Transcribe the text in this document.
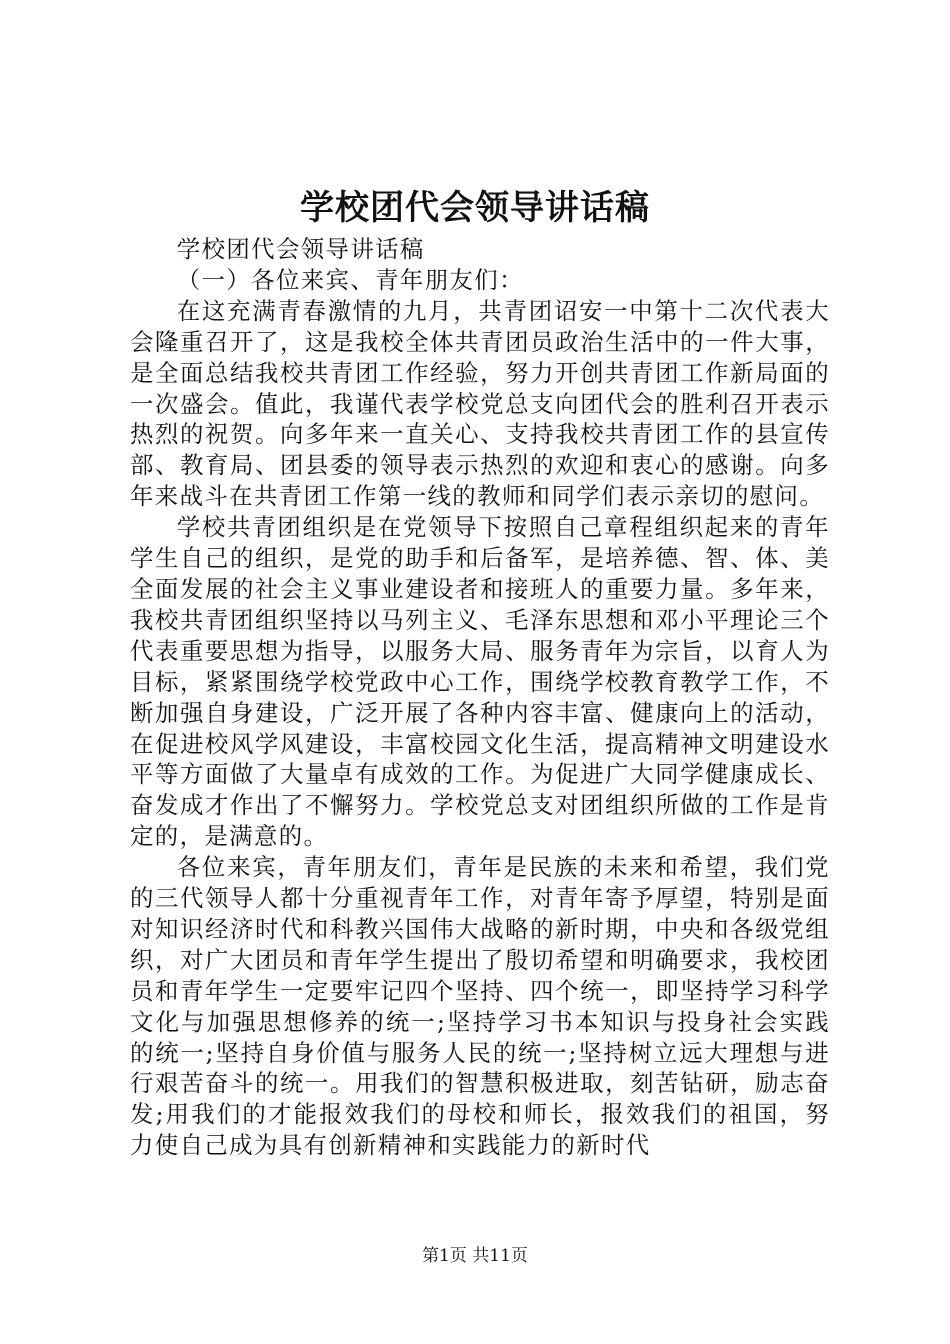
学校团代会领导讲话稿

学校团代会领导讲话稿

（一）各位来宾、青年朋友们：

在这充满青春激情的九月，共青团诏安一中第十二次代表大会隆重召开了，这是我校全体共青团员政治生活中的一件大事，是全面总结我校共青团工作经验，努力开创共青团工作新局面的一次盛会。值此，我谨代表学校党总支向团代会的胜利召开表示热烈的祝贺。向多年来一直关心、支持我校共青团工作的县宣传部、教育局、团县委的领导表示热烈的欢迎和衷心的感谢。向多年来战斗在共青团工作第一线的教师和同学们表示亲切的慰问。

学校共青团组织是在党领导下按照自己章程组织起来的青年学生自己的组织，是党的助手和后备军，是培养德、智、体、美全面发展的社会主义事业建设者和接班人的重要力量。多年来，我校共青团组织坚持以马列主义、毛泽东思想和邓小平理论三个代表重要思想为指导，以服务大局、服务青年为宗旨，以育人为目标，紧紧围绕学校党政中心工作，围绕学校教育教学工作，不断加强自身建设，广泛开展了各种内容丰富、健康向上的活动，在促进校风学风建设，丰富校园文化生活，提高精神文明建设水平等方面做了大量卓有成效的工作。为促进广大同学健康成长、奋发成才作出了不懈努力。学校党总支对团组织所做的工作是肯定的，是满意的。

各位来宾，青年朋友们，青年是民族的未来和希望，我们党的三代领导人都十分重视青年工作，对青年寄予厚望，特别是面对知识经济时代和科教兴国伟大战略的新时期，中央和各级党组织，对广大团员和青年学生提出了殷切希望和明确要求，我校团员和青年学生一定要牢记四个坚持、四个统一，即坚持学习科学文化与加强思想修养的统一;坚持学习书本知识与投身社会实践的统一;坚持自身价值与服务人民的统一;坚持树立远大理想与进行艰苦奋斗的统一。用我们的智慧积极进取，刻苦钻研，励志奋发;用我们的才能报效我们的母校和师长，报效我们的祖国，努力使自己成为具有创新精神和实践能力的新时代

第1页 共11页
